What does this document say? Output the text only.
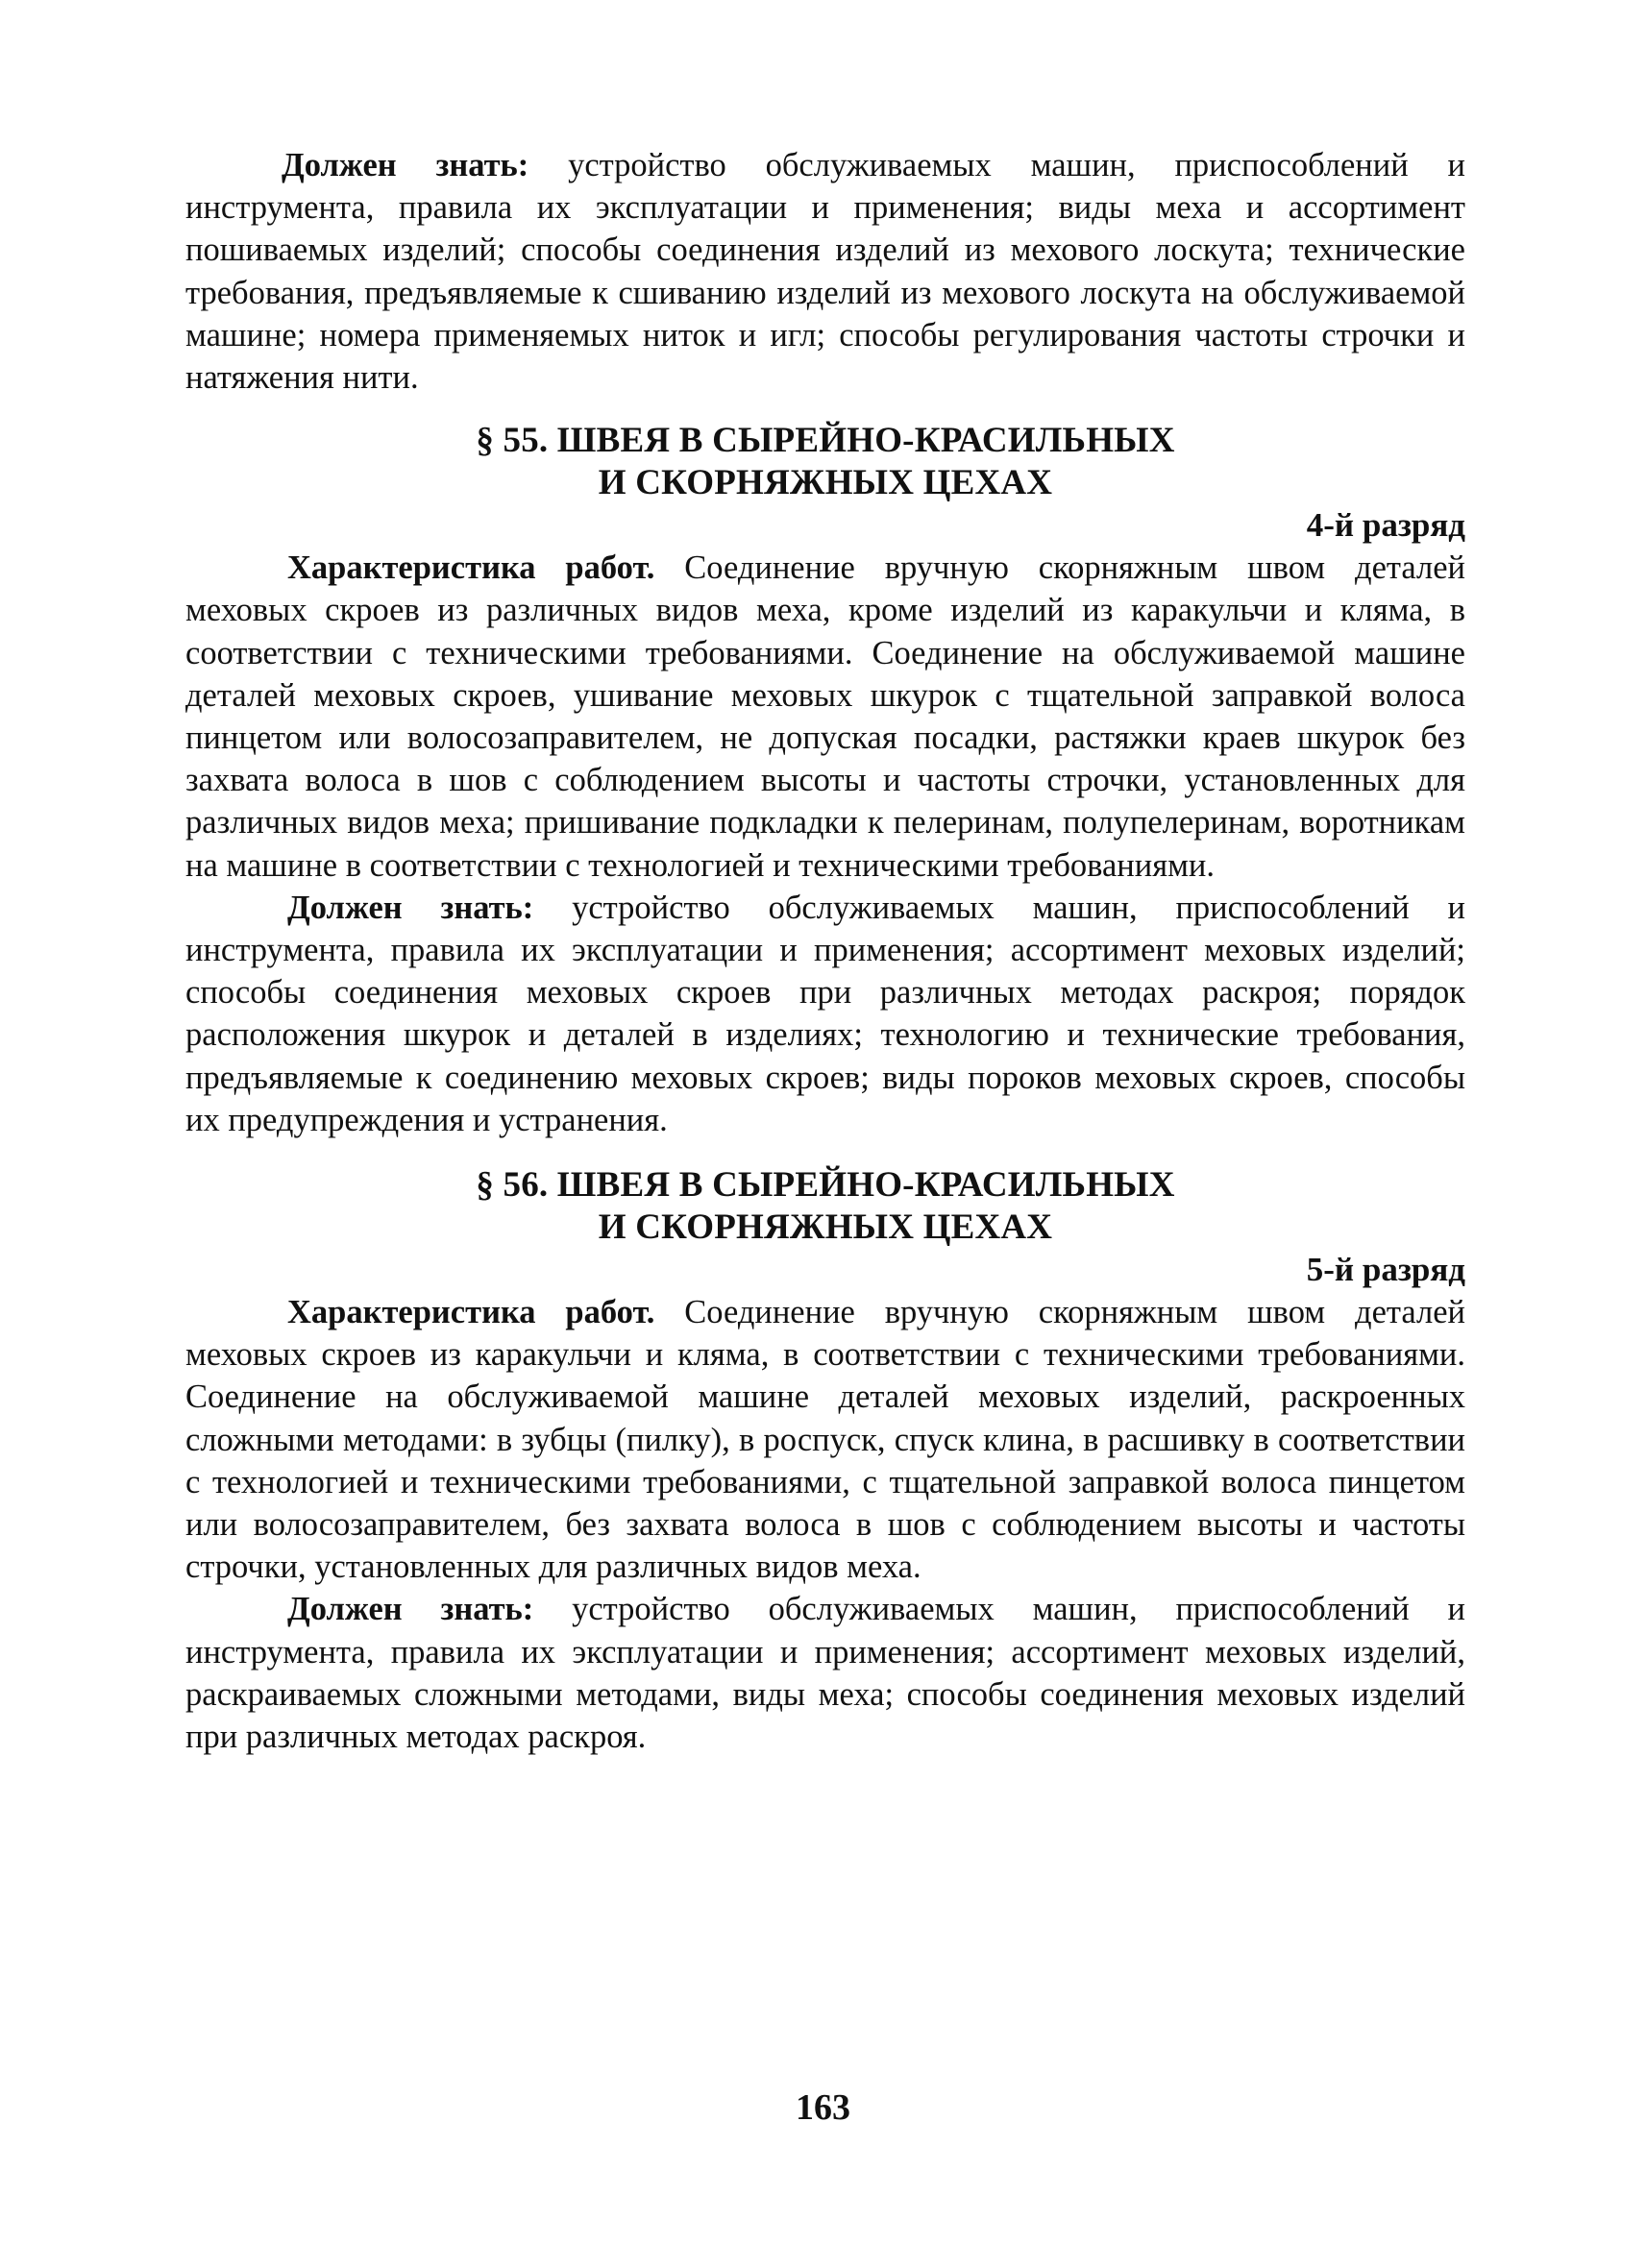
Должен знать: устройство обслуживаемых машин, приспособлений и инструмента, правила их эксплуатации и применения; виды меха и ассортимент пошиваемых изделий; способы соединения изделий из мехового лоскута; технические требования, предъявляемые к сшиванию изделий из мехового лоскута на обслуживаемой машине; номера применяемых ниток и игл; способы регулирования частоты строчки и натяжения нити.

§ 55. ШВЕЯ В СЫРЕЙНО-КРАСИЛЬНЫХ
И СКОРНЯЖНЫХ ЦЕХАХ

4-й разряд

Характеристика работ. Соединение вручную скорняжным швом деталей меховых скроев из различных видов меха, кроме изделий из каракульчи и кляма, в соответствии с техническими требованиями. Соединение на обслуживаемой машине деталей меховых скроев, ушивание меховых шкурок с тщательной заправкой волоса пинцетом или волосозаправителем, не допуская посадки, растяжки краев шкурок без захвата волоса в шов с соблюдением высоты и частоты строчки, установленных для различных видов меха; пришивание подкладки к пелеринам, полупелеринам, воротникам на машине в соответствии с технологией и техническими требованиями.

Должен знать: устройство обслуживаемых машин, приспособлений и инструмента, правила их эксплуатации и применения; ассортимент меховых изделий; способы соединения меховых скроев при различных методах раскроя; порядок расположения шкурок и деталей в изделиях; технологию и технические требования, предъявляемые к соединению меховых скроев; виды пороков меховых скроев, способы их предупреждения и устранения.

§ 56. ШВЕЯ В СЫРЕЙНО-КРАСИЛЬНЫХ
И СКОРНЯЖНЫХ ЦЕХАХ

5-й разряд

Характеристика работ. Соединение вручную скорняжным швом деталей меховых скроев из каракульчи и кляма, в соответствии с техническими требованиями. Соединение на обслуживаемой машине деталей меховых изделий, раскроенных сложными методами: в зубцы (пилку), в роспуск, спуск клина, в расшивку в соответствии с технологией и техническими требованиями, с тщательной заправкой волоса пинцетом или волосозаправителем, без захвата волоса в шов с соблюдением высоты и частоты строчки, установленных для различных видов меха.

Должен знать: устройство обслуживаемых машин, приспособлений и инструмента, правила их эксплуатации и применения; ассортимент меховых изделий, раскраиваемых сложными методами, виды меха; способы соединения меховых изделий при различных методах раскроя.

163
